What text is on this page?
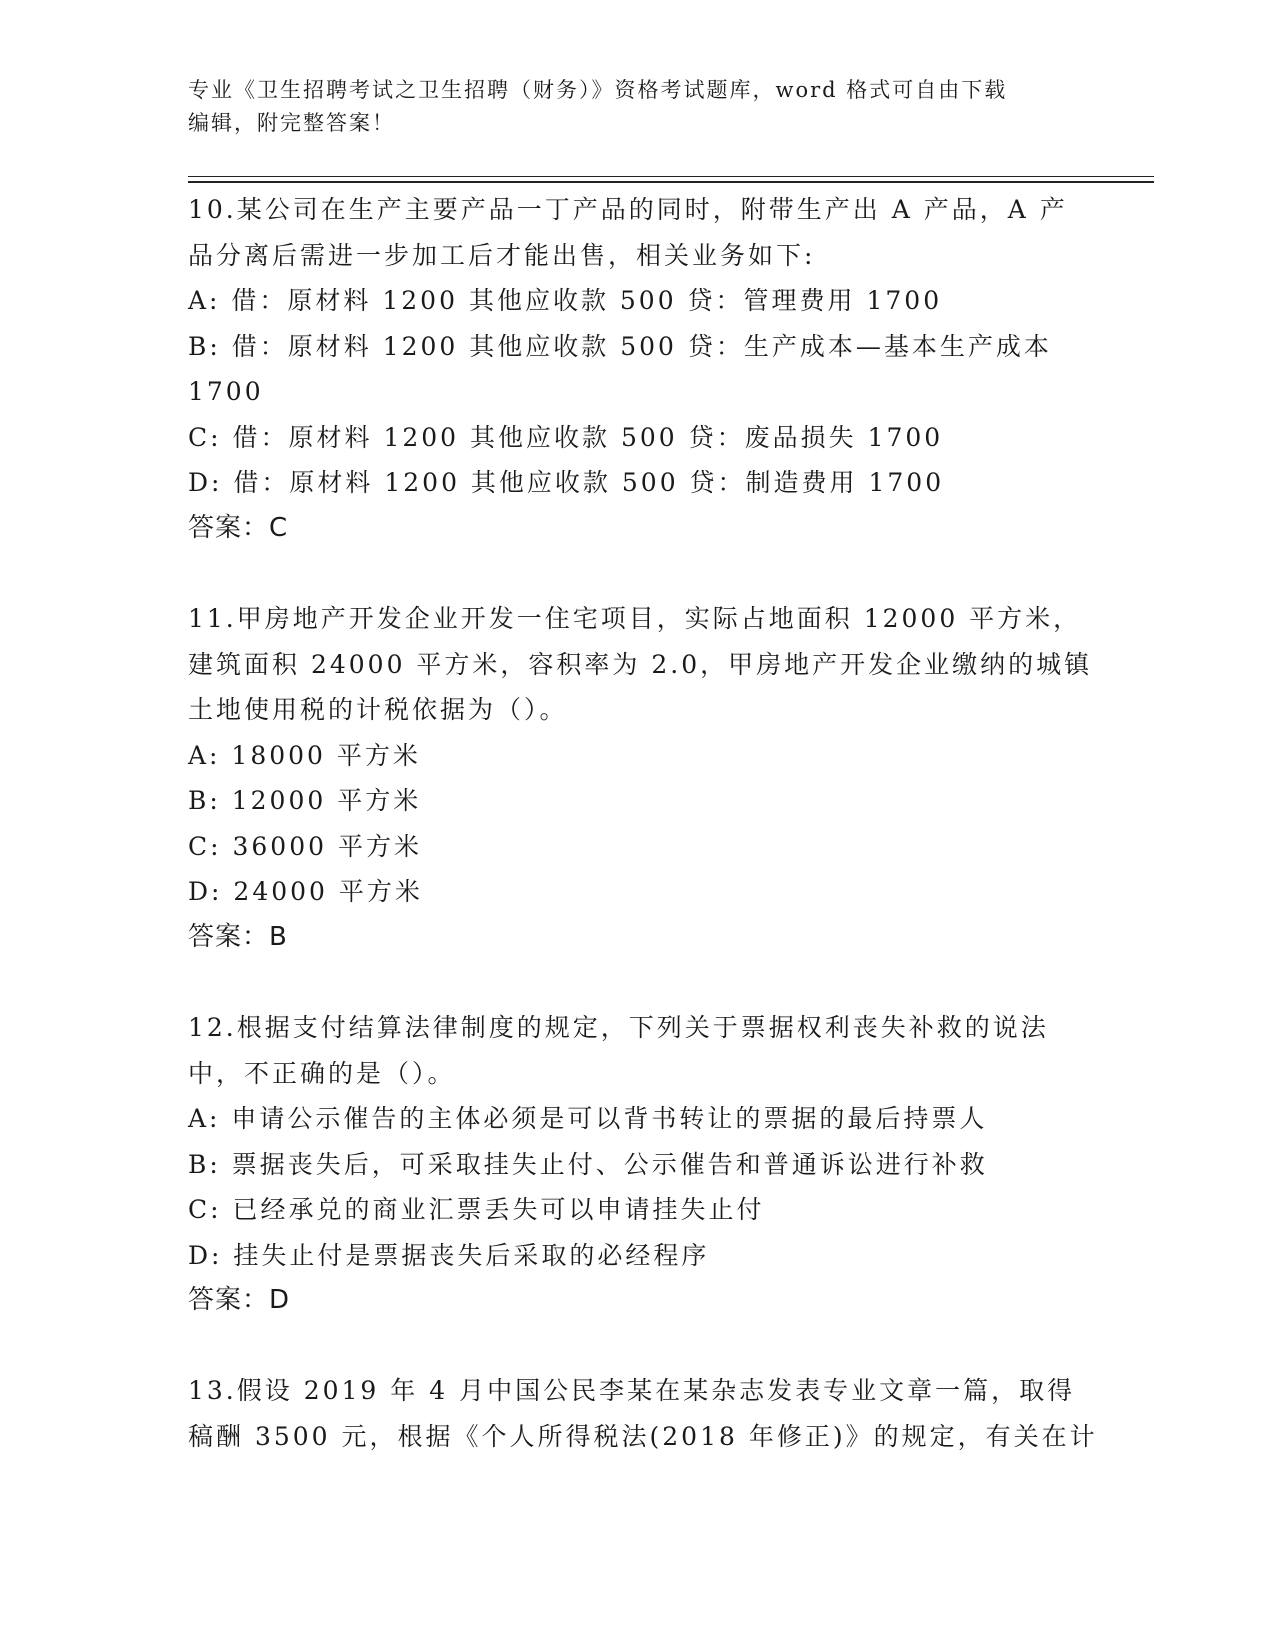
专业《卫生招聘考试之卫生招聘（财务）》资格考试题库，word 格式可自由下载
编辑，附完整答案！
10.某公司在生产主要产品一丁产品的同时，附带生产出 A 产品，A 产
品分离后需进一步加工后才能出售，相关业务如下:
A: 借：原材料 1200 其他应收款 500 贷：管理费用 1700
B: 借：原材料 1200 其他应收款 500 贷：生产成本—基本生产成本
1700
C: 借：原材料 1200 其他应收款 500 贷：废品损失 1700
D: 借：原材料 1200 其他应收款 500 贷：制造费用 1700
答案：C
11.甲房地产开发企业开发一住宅项目，实际占地面积 12000 平方米，
建筑面积 24000 平方米，容积率为 2.0，甲房地产开发企业缴纳的城镇
土地使用税的计税依据为（）。
A: 18000 平方米
B: 12000 平方米
C: 36000 平方米
D: 24000 平方米
答案：B
12.根据支付结算法律制度的规定，下列关于票据权利丧失补救的说法
中，不正确的是（）。
A: 申请公示催告的主体必须是可以背书转让的票据的最后持票人
B: 票据丧失后，可采取挂失止付、公示催告和普通诉讼进行补救
C: 已经承兑的商业汇票丢失可以申请挂失止付
D: 挂失止付是票据丧失后采取的必经程序
答案：D
13.假设 2019 年 4 月中国公民李某在某杂志发表专业文章一篇，取得
稿酬 3500 元，根据《个人所得税法(2018 年修正)》的规定，有关在计
